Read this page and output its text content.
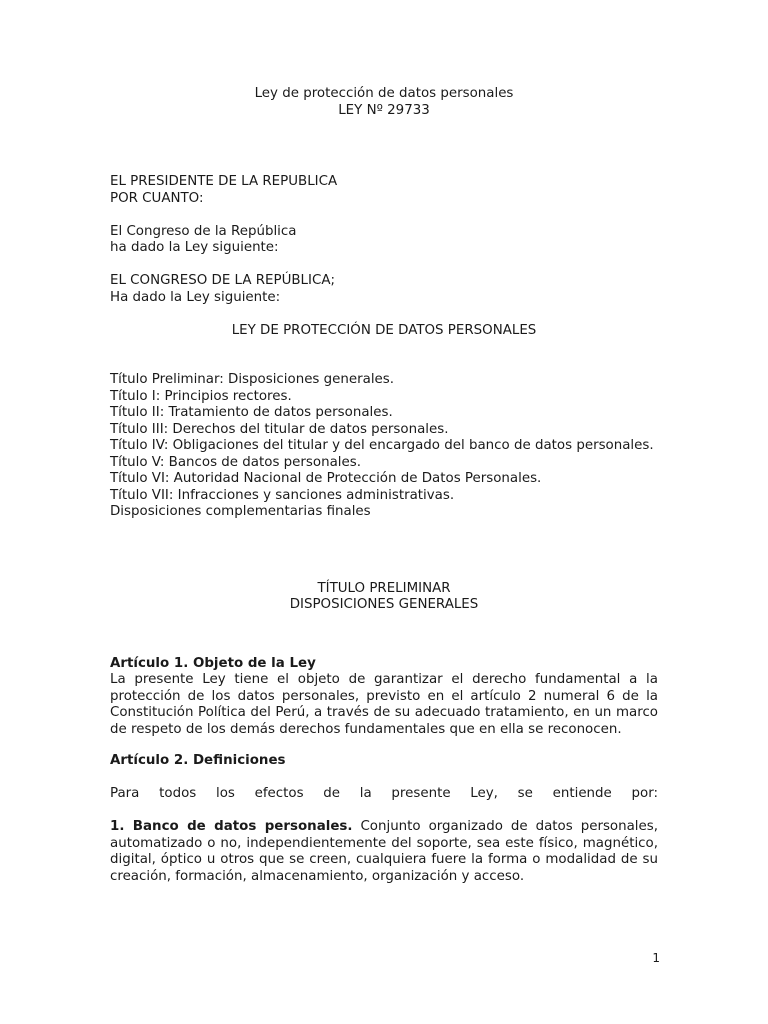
Ley de protección de datos personales

LEY Nº 29733

EL PRESIDENTE DE LA REPUBLICA

POR CUANTO:

El Congreso de la República

ha dado la Ley siguiente:

EL CONGRESO DE LA REPÚBLICA;

Ha dado la Ley siguiente:

LEY DE PROTECCIÓN DE DATOS PERSONALES

Título Preliminar: Disposiciones generales.

Título I: Principios rectores.

Título II: Tratamiento de datos personales.

Título III: Derechos del titular de datos personales.

Título IV: Obligaciones del titular y del encargado del banco de datos personales.

Título V: Bancos de datos personales.

Título VI: Autoridad Nacional de Protección de Datos Personales.

Título VII: Infracciones y sanciones administrativas.

Disposiciones complementarias finales

TÍTULO PRELIMINAR

DISPOSICIONES GENERALES

Artículo 1. Objeto de la Ley

La presente Ley tiene el objeto de garantizar el derecho fundamental a la protección de los datos personales, previsto en el artículo 2 numeral 6 de la Constitución Política del Perú, a través de su adecuado tratamiento, en un marco de respeto de los demás derechos fundamentales que en ella se reconocen.

Artículo 2. Definiciones

Para todos los efectos de la presente Ley, se entiende por:

1. Banco de datos personales. Conjunto organizado de datos personales, automatizado o no, independientemente del soporte, sea este físico, magnético, digital, óptico u otros que se creen, cualquiera fuere la forma o modalidad de su creación, formación, almacenamiento, organización y acceso.

1
